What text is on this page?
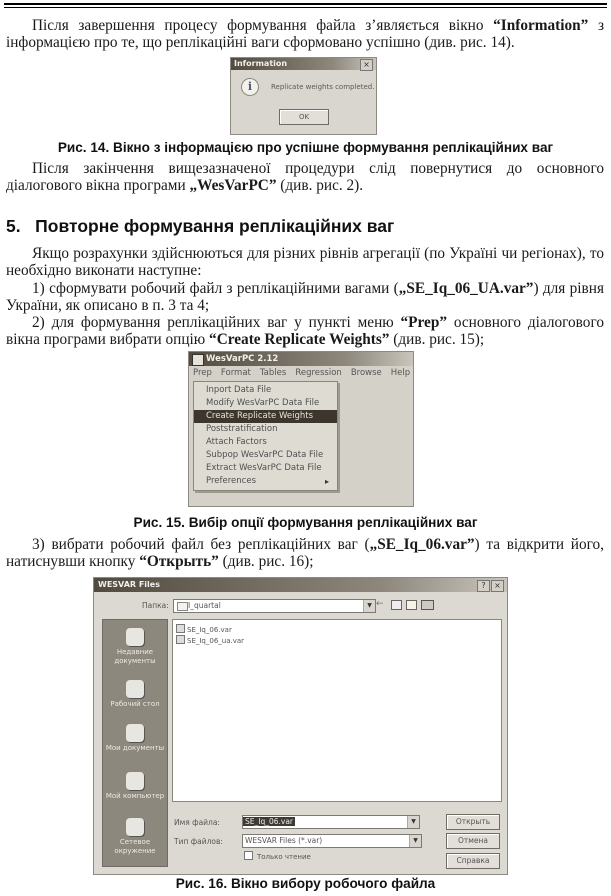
Після завершення процесу формування файла з’являється вікно “Information” з інформацією про те, що реплікаційні ваги сформовано успішно (див. рис. 14).
Information	×
i	Replicate weights completed.
OK
Рис. 14. Вікно з інформацією про успішне формування реплікаційних ваг
Після закінчення вищезазначеної процедури слід повернутися до основного діалогового вікна програми „WesVarPC” (див. рис. 2).
5.   Повторне формування реплікаційних ваг
Якщо розрахунки здійснюються для різних рівнів агрегації (по Україні чи регіонах), то необхідно виконати наступне:
1) сформувати робочий файл з реплікаційними вагами („SE_Iq_06_UA.var”) для рівня України, як описано в п. 3 та 4;
2) для формування реплікаційних ваг у пункті меню “Prep” основного діалогового вікна програми вибрати опцію “Create Replicate Weights” (див. рис. 15);
WesVarPC 2.12
Prep Format Tables Regression Browse Help
Inport Data File
Modify WesVarPC Data File
Create Replicate Weights
Poststratification
Attach Factors
Subpop WesVarPC Data File
Extract WesVarPC Data File
Preferences	▸
Рис. 15. Вибір опції формування реплікаційних ваг
3) вибрати робочий файл без реплікаційних ваг („SE_Iq_06.var”) та відкрити його, натиснувши кнопку “Открыть” (див. рис. 16);
WESVAR Files	?	×
Папка:	I_quartal	▼ ←
Недавние документы
Рабочий стол
Мои документы
Мой компьютер
Сетевое окружение
SE_Iq_06.var
SE_Iq_06_ua.var
Имя файла:	SE_Iq_06.var	▼
Тип файлов:	WESVAR Files (*.var)	▼
Только чтение
Открыть
Отмена
Справка
Рис. 16. Вікно вибору робочого файла
